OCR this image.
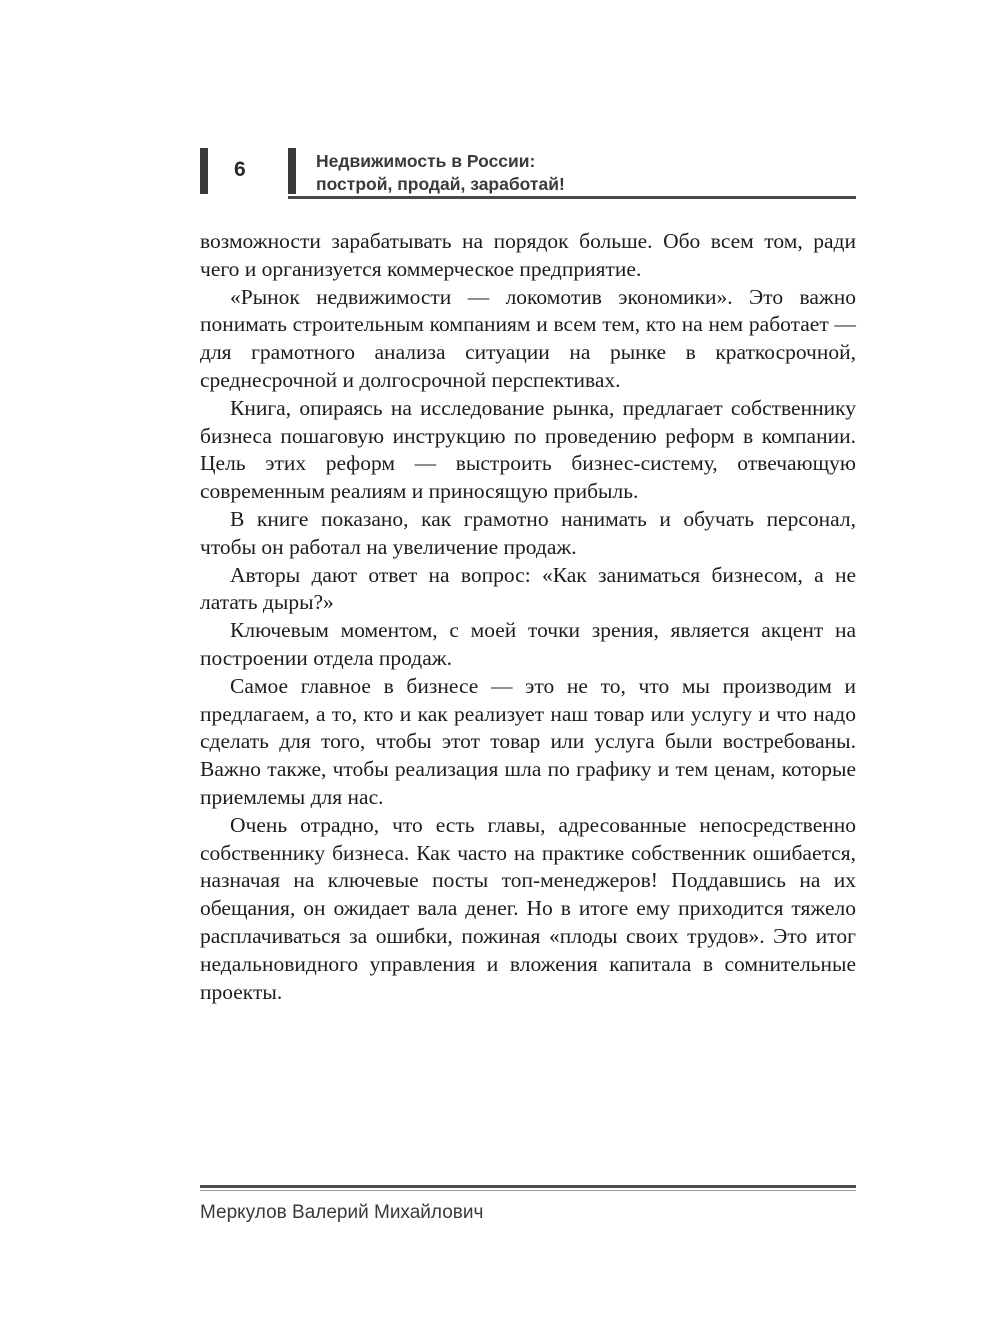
6	Недвижимость в России:
построй, продай, заработай!

возможности зарабатывать на порядок больше. Обо всем том, ради чего и организуется коммерческое предприятие.

«Рынок недвижимости — локомотив экономики». Это важно понимать строительным компаниям и всем тем, кто на нем работает — для грамотного анализа ситуации на рынке в краткосрочной, среднесрочной и долгосрочной перспективах.

Книга, опираясь на исследование рынка, предлагает собственнику бизнеса пошаговую инструкцию по проведению реформ в компании. Цель этих реформ — выстроить бизнес-систему, отвечающую современным реалиям и приносящую прибыль.

В книге показано, как грамотно нанимать и обучать персонал, чтобы он работал на увеличение продаж.

Авторы дают ответ на вопрос: «Как заниматься бизнесом, а не латать дыры?»

Ключевым моментом, с моей точки зрения, является акцент на построении отдела продаж.

Самое главное в бизнесе — это не то, что мы производим и предлагаем, а то, кто и как реализует наш товар или услугу и что надо сделать для того, чтобы этот товар или услуга были востребованы. Важно также, чтобы реализация шла по графику и тем ценам, которые приемлемы для нас.

Очень отрадно, что есть главы, адресованные непосредственно собственнику бизнеса. Как часто на практике собственник ошибается, назначая на ключевые посты топ-менеджеров! Поддавшись на их обещания, он ожидает вала денег. Но в итоге ему приходится тяжело расплачиваться за ошибки, пожиная «плоды своих трудов». Это итог недальновидного управления и вложения капитала в сомнительные проекты.

Меркулов Валерий Михайлович
